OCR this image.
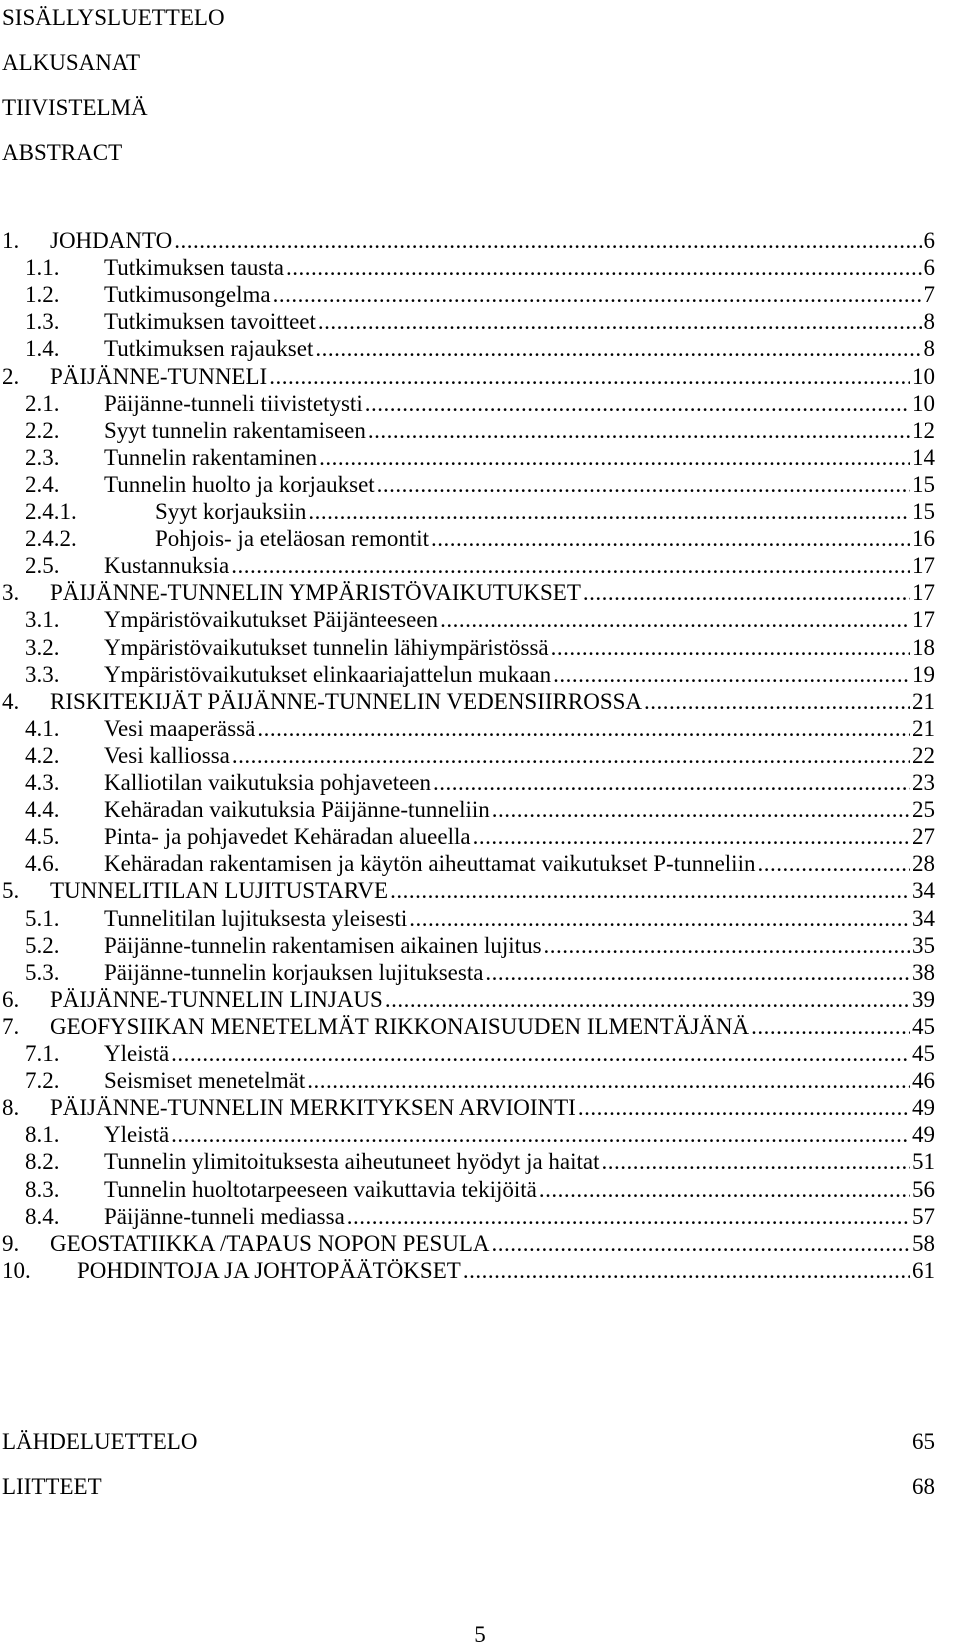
SISÄLLYSLUETTELO
ALKUSANAT
TIIVISTELMÄ
ABSTRACT
1.	JOHDANTO .....	6
1.1.	Tutkimuksen tausta .....	6
1.2.	Tutkimusongelma .....	7
1.3.	Tutkimuksen tavoitteet .....	8
1.4.	Tutkimuksen rajaukset .....	8
2.	PÄIJÄNNE-TUNNELI .....	10
2.1.	Päijänne-tunneli tiivistetysti .....	10
2.2.	Syyt tunnelin rakentamiseen .....	12
2.3.	Tunnelin rakentaminen .....	14
2.4.	Tunnelin huolto ja korjaukset .....	15
2.4.1.	Syyt korjauksiin .....	15
2.4.2.	Pohjois- ja eteläosan remontit .....	16
2.5.	Kustannuksia .....	17
3.	PÄIJÄNNE-TUNNELIN YMPÄRISTÖVAIKUTUKSET .....	17
3.1.	Ympäristövaikutukset Päijänteeseen .....	17
3.2.	Ympäristövaikutukset tunnelin lähiympäristössä .....	18
3.3.	Ympäristövaikutukset elinkaariajattelun mukaan .....	19
4.	RISKITEKIJÄT PÄIJÄNNE-TUNNELIN VEDENSIIRROSSA .....	21
4.1.	Vesi maaperässä .....	21
4.2.	Vesi kalliossa .....	22
4.3.	Kalliotilan vaikutuksia pohjaveteen .....	23
4.4.	Kehäradan vaikutuksia Päijänne-tunneliin .....	25
4.5.	Pinta- ja pohjavedet Kehäradan alueella .....	27
4.6.	Kehäradan rakentamisen ja käytön aiheuttamat vaikutukset P-tunneliin .....	28
5.	TUNNELITILAN LUJITUSTARVE .....	34
5.1.	Tunnelitilan lujituksesta yleisesti .....	34
5.2.	Päijänne-tunnelin rakentamisen aikainen lujitus .....	35
5.3.	Päijänne-tunnelin korjauksen lujituksesta .....	38
6.	PÄIJÄNNE-TUNNELIN LINJAUS .....	39
7.	GEOFYSIIKAN MENETELMÄT RIKKONAISUUDEN ILMENTÄJÄNÄ .....	45
7.1.	Yleistä .....	45
7.2.	Seismiset menetelmät .....	46
8.	PÄIJÄNNE-TUNNELIN MERKITYKSEN ARVIOINTI .....	49
8.1.	Yleistä .....	49
8.2.	Tunnelin ylimitoituksesta aiheutuneet hyödyt ja haitat .....	51
8.3.	Tunnelin huoltotarpeeseen vaikuttavia tekijöitä .....	56
8.4.	Päijänne-tunneli mediassa .....	57
9.	GEOSTATIIKKA /TAPAUS NOPON PESULA .....	58
10.	POHDINTOJA JA JOHTOPÄÄTÖKSET .....	61
LÄHDELUETTELO	65
LIITTEET	68
5
